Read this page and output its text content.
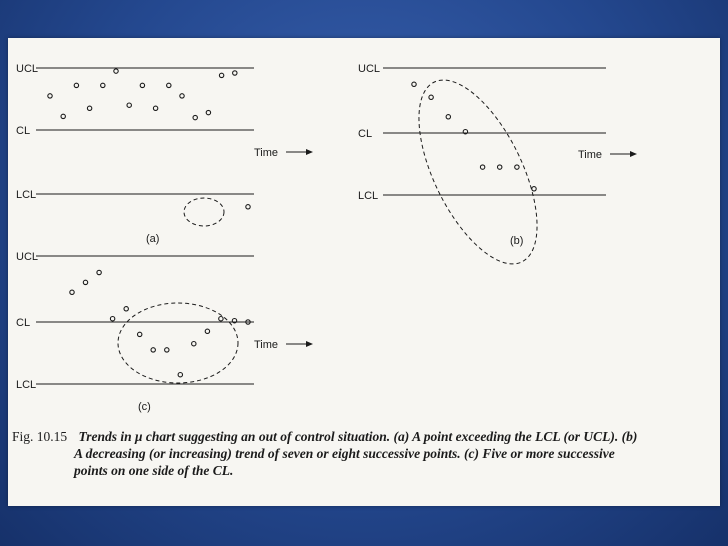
UCL
CL
LCL
Time
(a)
UCL
CL
LCL
Time
(b)
UCL
CL
LCL
Time
(c)
Fig. 10.15 Trends in μ chart suggesting an out of control situation. (a) A point exceeding the LCL (or UCL). (b)
A decreasing (or increasing) trend of seven or eight successive points. (c) Five or more successive
points on one side of the CL.
